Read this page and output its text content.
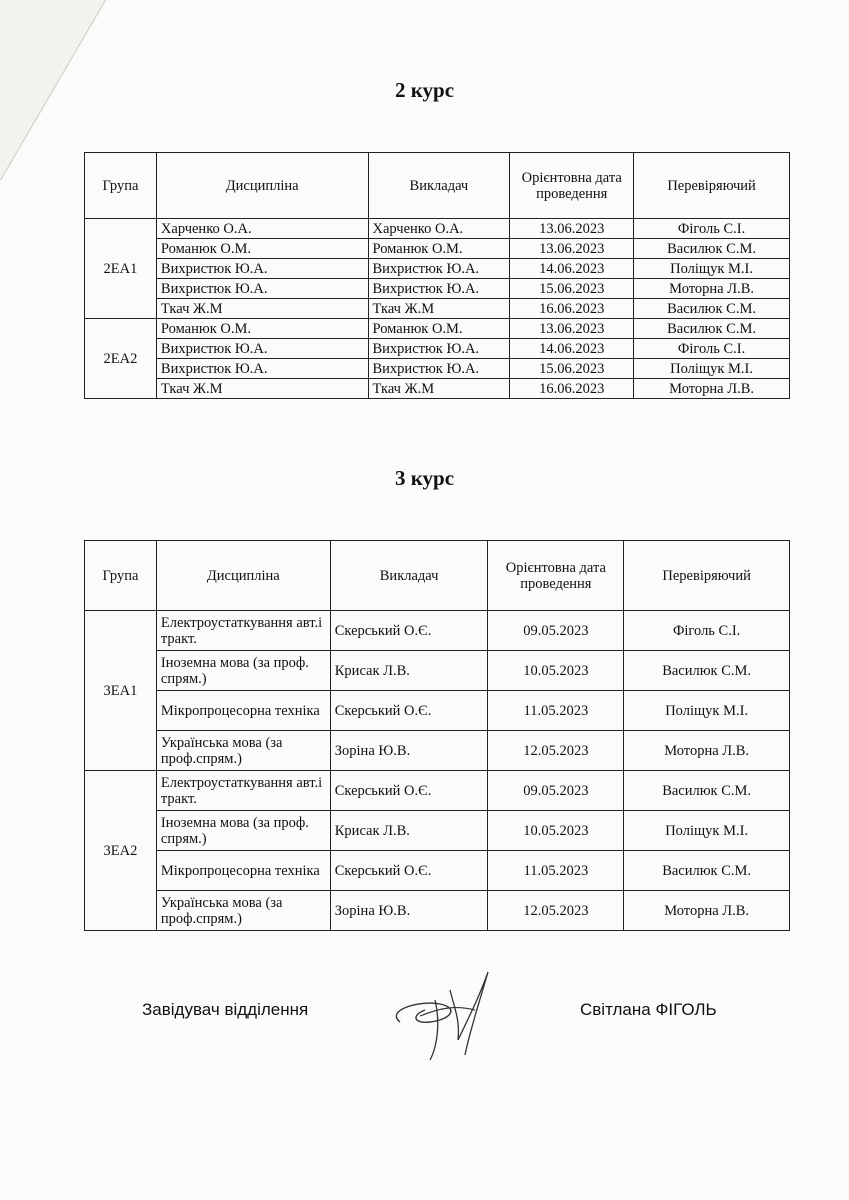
2 курс
Група	Дисципліна	Викладач	Орієнтовна дата проведення	Перевіряючий
2ЕА1	Харченко О.А.	Харченко О.А.	13.06.2023	Фіголь С.І.
	Романюк О.М.	Романюк О.М.	13.06.2023	Василюк С.М.
	Вихристюк Ю.А.	Вихристюк Ю.А.	14.06.2023	Поліщук М.І.
	Вихристюк Ю.А.	Вихристюк Ю.А.	15.06.2023	Моторна Л.В.
	Ткач Ж.М	Ткач Ж.М	16.06.2023	Василюк С.М.
2ЕА2	Романюк О.М.	Романюк О.М.	13.06.2023	Василюк С.М.
	Вихристюк Ю.А.	Вихристюк Ю.А.	14.06.2023	Фіголь С.І.
	Вихристюк Ю.А.	Вихристюк Ю.А.	15.06.2023	Поліщук М.І.
	Ткач Ж.М	Ткач Ж.М	16.06.2023	Моторна Л.В.
3 курс
Група	Дисципліна	Викладач	Орієнтовна дата проведення	Перевіряючий
3ЕА1	Електроустаткування авт.і тракт.	Скерський О.Є.	09.05.2023	Фіголь С.І.
	Іноземна мова (за проф. спрям.)	Крисак Л.В.	10.05.2023	Василюк С.М.
	Мікропроцесорна техніка	Скерський О.Є.	11.05.2023	Поліщук М.І.
	Українська мова (за проф.спрям.)	Зоріна Ю.В.	12.05.2023	Моторна Л.В.
3ЕА2	Електроустаткування авт.і тракт.	Скерський О.Є.	09.05.2023	Василюк С.М.
	Іноземна мова (за проф. спрям.)	Крисак Л.В.	10.05.2023	Поліщук М.І.
	Мікропроцесорна техніка	Скерський О.Є.	11.05.2023	Василюк С.М.
	Українська мова (за проф.спрям.)	Зоріна Ю.В.	12.05.2023	Моторна Л.В.
Завідувач відділення	Світлана ФІГОЛЬ
